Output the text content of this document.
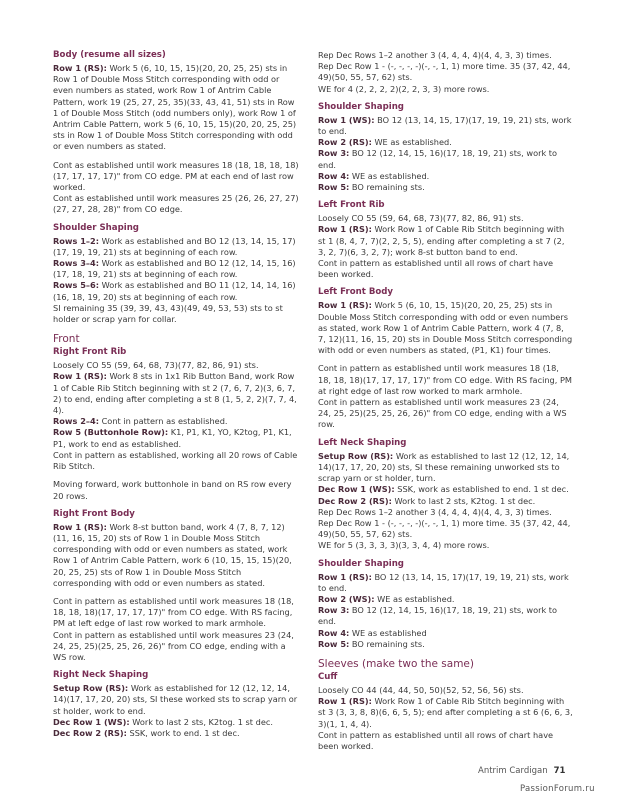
Body (resume all sizes)
Row 1 (RS): Work 5 (6, 10, 15, 15)(20, 20, 25, 25) sts in Row 1 of Double Moss Stitch corresponding with odd or even numbers as stated, work Row 1 of Antrim Cable Pattern, work 19 (25, 27, 25, 35)(33, 43, 41, 51) sts in Row 1 of Double Moss Stitch (odd numbers only), work Row 1 of Antrim Cable Pattern, work 5 (6, 10, 15, 15)(20, 20, 25, 25) sts in Row 1 of Double Moss Stitch corresponding with odd or even numbers as stated.
Cont as established until work measures 18 (18, 18, 18, 18)(17, 17, 17, 17)" from CO edge. PM at each end of last row worked.
Cont as established until work measures 25 (26, 26, 27, 27)(27, 27, 28, 28)" from CO edge.
Shoulder Shaping
Rows 1–2: Work as established and BO 12 (13, 14, 15, 17)(17, 19, 19, 21) sts at beginning of each row.
Rows 3–4: Work as established and BO 12 (12, 14, 15, 16)(17, 18, 19, 21) sts at beginning of each row.
Rows 5–6: Work as established and BO 11 (12, 14, 14, 16)(16, 18, 19, 20) sts at beginning of each row.
SI remaining 35 (39, 39, 43, 43)(49, 49, 53, 53) sts to st holder or scrap yarn for collar.
Front
Right Front Rib
Loosely CO 55 (59, 64, 68, 73)(77, 82, 86, 91) sts.
Row 1 (RS): Work 8 sts in 1x1 Rib Button Band, work Row 1 of Cable Rib Stitch beginning with st 2 (7, 6, 7, 2)(3, 6, 7, 2) to end, ending after completing a st 8 (1, 5, 2, 2)(7, 7, 4, 4).
Rows 2–4: Cont in pattern as established.
Row 5 (Buttonhole Row): K1, P1, K1, YO, K2tog, P1, K1, P1, work to end as established.
Cont in pattern as established, working all 20 rows of Cable Rib Stitch.
Moving forward, work buttonhole in band on RS row every 20 rows.
Right Front Body
Row 1 (RS): Work 8-st button band, work 4 (7, 8, 7, 12)(11, 16, 15, 20) sts of Row 1 in Double Moss Stitch corresponding with odd or even numbers as stated, work Row 1 of Antrim Cable Pattern, work 6 (10, 15, 15, 15)(20, 20, 25, 25) sts of Row 1 in Double Moss Stitch corresponding with odd or even numbers as stated.
Cont in pattern as established until work measures 18 (18, 18, 18, 18)(17, 17, 17, 17)" from CO edge. With RS facing, PM at left edge of last row worked to mark armhole.
Cont in pattern as established until work measures 23 (24, 24, 25, 25)(25, 25, 26, 26)" from CO edge, ending with a WS row.
Right Neck Shaping
Setup Row (RS): Work as established for 12 (12, 12, 14, 14)(17, 17, 20, 20) sts, SI these worked sts to scrap yarn or st holder, work to end.
Dec Row 1 (WS): Work to last 2 sts, K2tog. 1 st dec.
Dec Row 2 (RS): SSK, work to end. 1 st dec.
Rep Dec Rows 1–2 another 3 (4, 4, 4, 4)(4, 4, 3, 3) times.
Rep Dec Row 1 - (-, -, -, -)(-, -, 1, 1) more time. 35 (37, 42, 44, 49)(50, 55, 57, 62) sts.
WE for 4 (2, 2, 2, 2)(2, 2, 3, 3) more rows.
Shoulder Shaping
Row 1 (WS): BO 12 (13, 14, 15, 17)(17, 19, 19, 21) sts, work to end.
Row 2 (RS): WE as established.
Row 3: BO 12 (12, 14, 15, 16)(17, 18, 19, 21) sts, work to end.
Row 4: WE as established.
Row 5: BO remaining sts.
Left Front Rib
Loosely CO 55 (59, 64, 68, 73)(77, 82, 86, 91) sts.
Row 1 (RS): Work Row 1 of Cable Rib Stitch beginning with st 1 (8, 4, 7, 7)(2, 2, 5, 5), ending after completing a st 7 (2, 3, 2, 7)(6, 3, 2, 7); work 8-st button band to end.
Cont in pattern as established until all rows of chart have been worked.
Left Front Body
Row 1 (RS): Work 5 (6, 10, 15, 15)(20, 20, 25, 25) sts in Double Moss Stitch corresponding with odd or even numbers as stated, work Row 1 of Antrim Cable Pattern, work 4 (7, 8, 7, 12)(11, 16, 15, 20) sts in Double Moss Stitch corresponding with odd or even numbers as stated, (P1, K1) four times.
Cont in pattern as established until work measures 18 (18, 18, 18, 18)(17, 17, 17, 17)" from CO edge. With RS facing, PM at right edge of last row worked to mark armhole.
Cont in pattern as established until work measures 23 (24, 24, 25, 25)(25, 25, 26, 26)" from CO edge, ending with a WS row.
Left Neck Shaping
Setup Row (RS): Work as established to last 12 (12, 12, 14, 14)(17, 17, 20, 20) sts, SI these remaining unworked sts to scrap yarn or st holder, turn.
Dec Row 1 (WS): SSK, work as established to end. 1 st dec.
Dec Row 2 (RS): Work to last 2 sts, K2tog. 1 st dec.
Rep Dec Rows 1–2 another 3 (4, 4, 4, 4)(4, 4, 3, 3) times.
Rep Dec Row 1 - (-, -, -, -)(-, -, 1, 1) more time. 35 (37, 42, 44, 49)(50, 55, 57, 62) sts.
WE for 5 (3, 3, 3, 3)(3, 3, 4, 4) more rows.
Shoulder Shaping
Row 1 (RS): BO 12 (13, 14, 15, 17)(17, 19, 19, 21) sts, work to end.
Row 2 (WS): WE as established.
Row 3: BO 12 (12, 14, 15, 16)(17, 18, 19, 21) sts, work to end.
Row 4: WE as established
Row 5: BO remaining sts.
Sleeves (make two the same)
Cuff
Loosely CO 44 (44, 44, 50, 50)(52, 52, 56, 56) sts.
Row 1 (RS): Work Row 1 of Cable Rib Stitch beginning with st 3 (3, 3, 8, 8)(6, 6, 5, 5); end after completing a st 6 (6, 6, 3, 3)(1, 1, 4, 4).
Cont in pattern as established until all rows of chart have been worked.
Antrim Cardigan 71
PassionForum.ru
